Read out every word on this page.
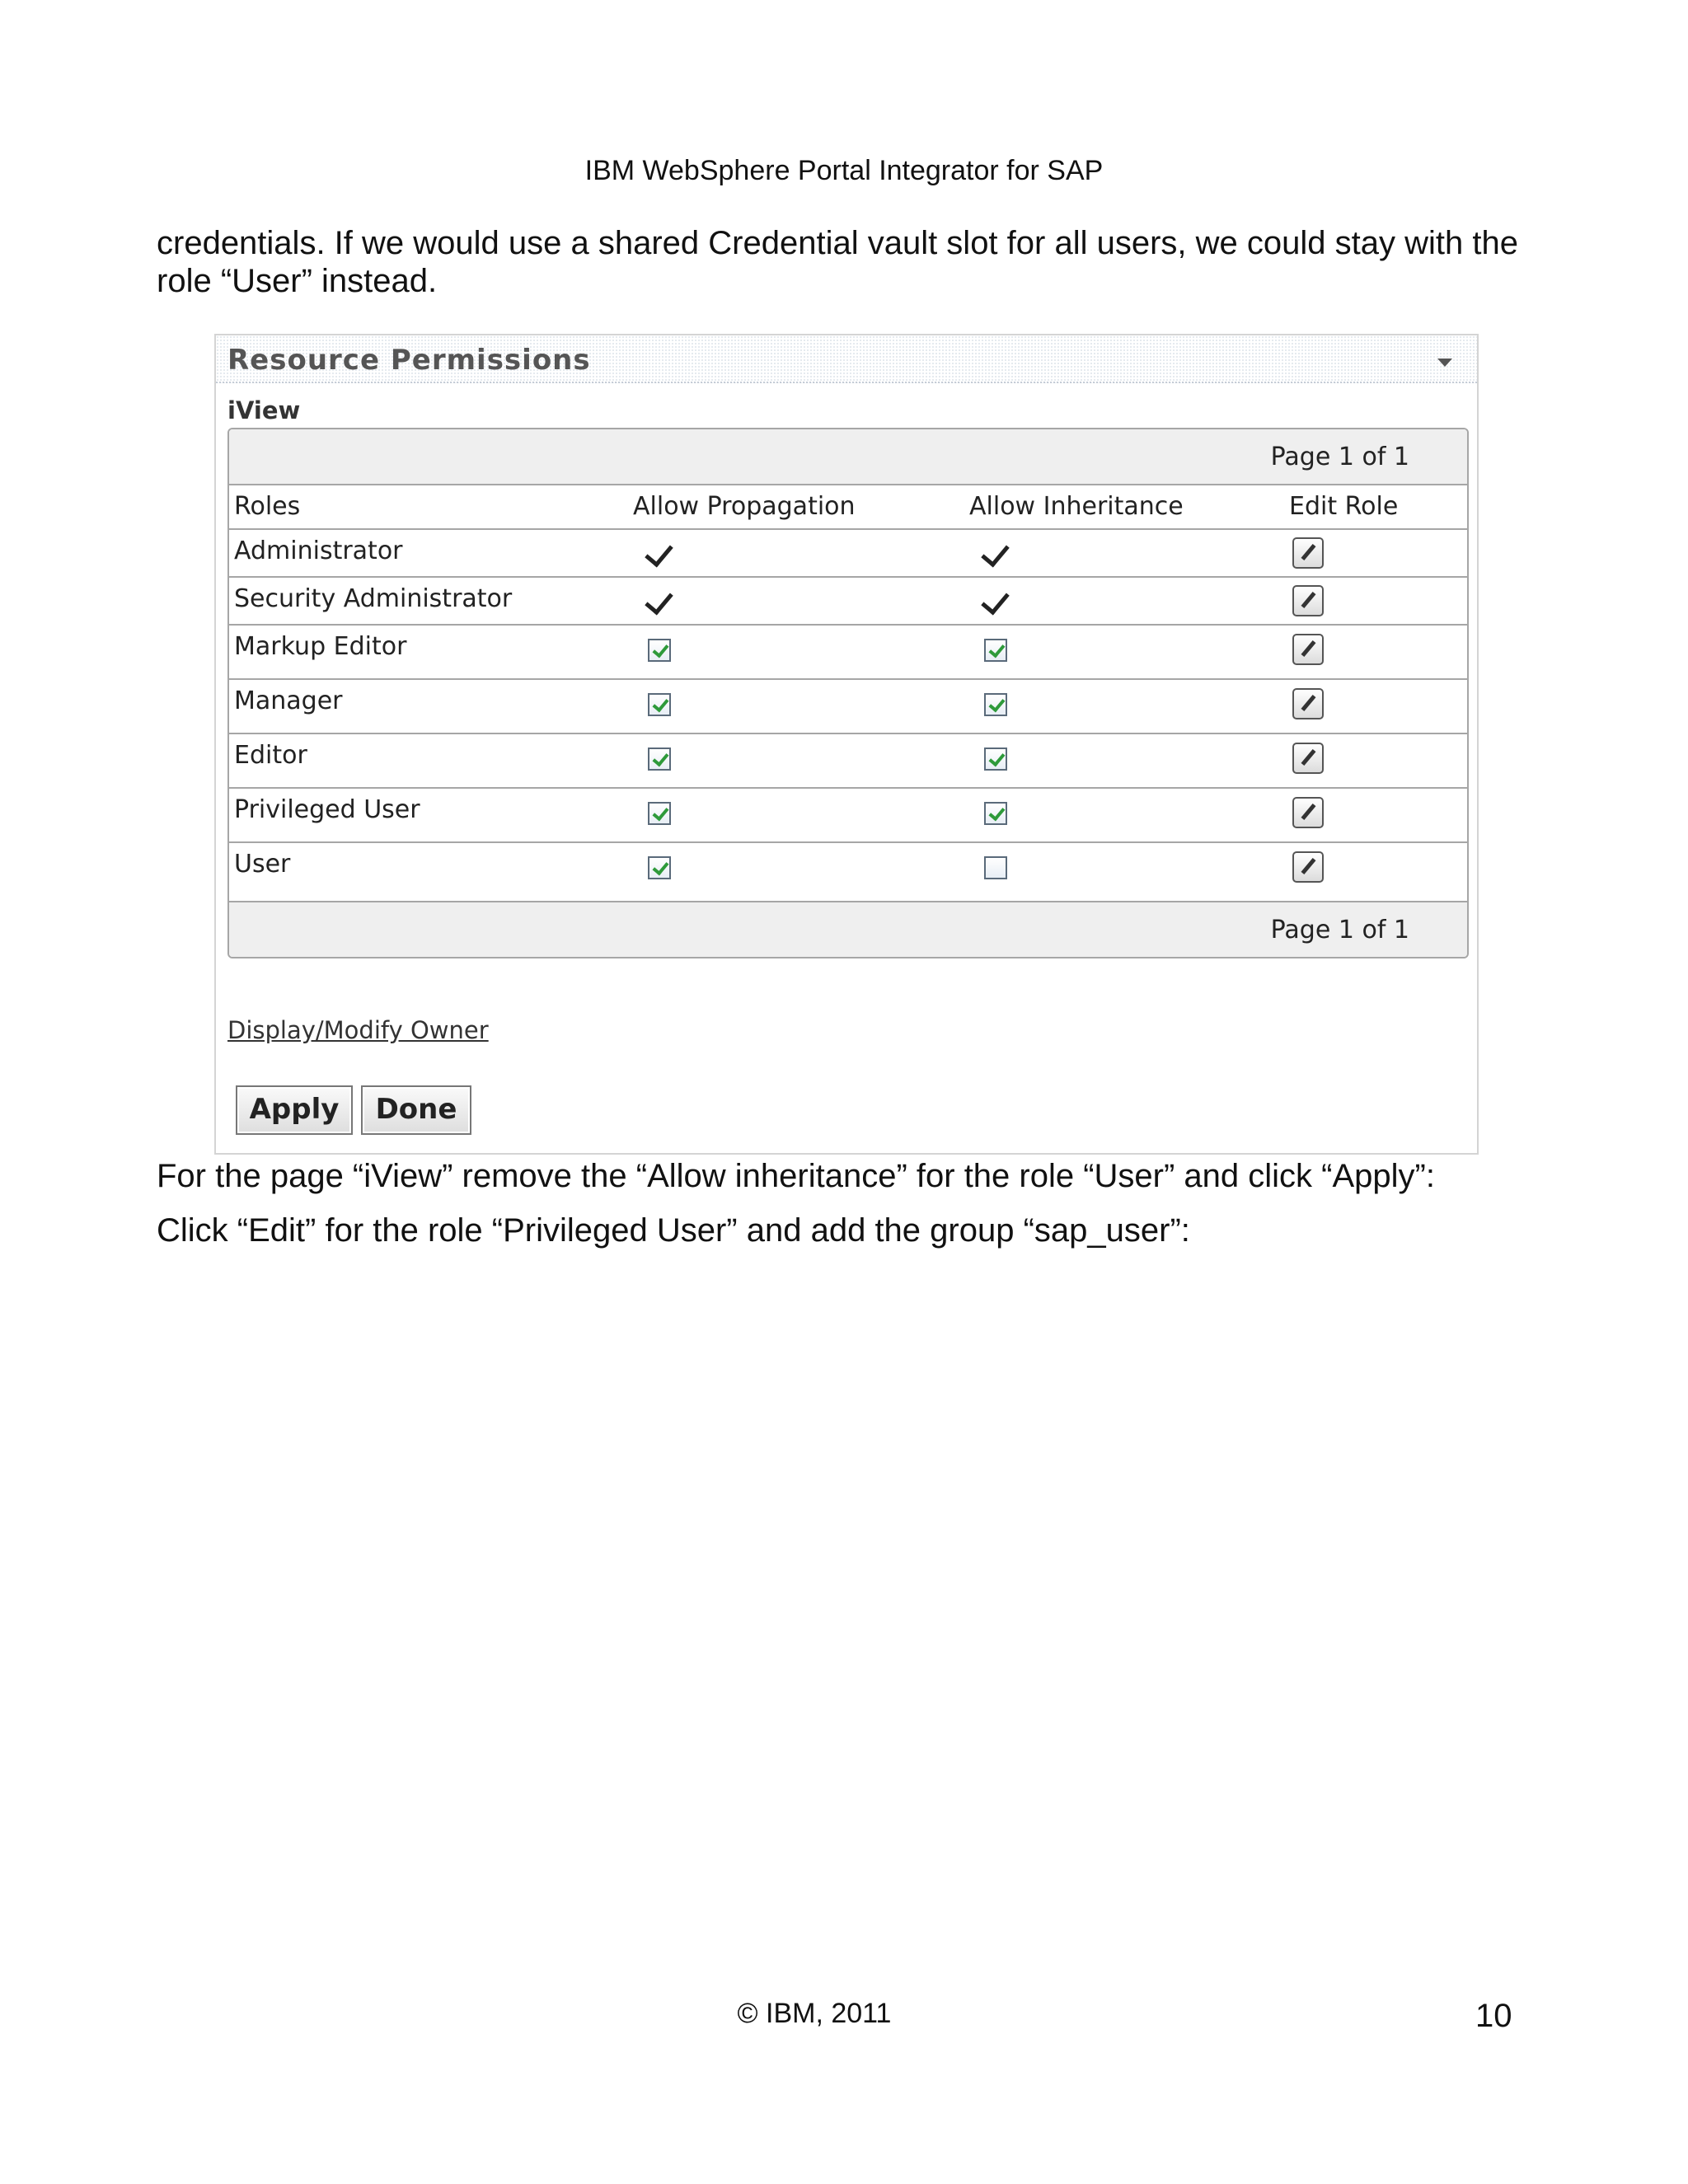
IBM WebSphere Portal Integrator for SAP
credentials. If we would use a shared Credential vault slot for all users, we could stay with the
role “User” instead.
Resource Permissions
iView
Page 1 of 1
Roles	Allow Propagation	Allow Inheritance	Edit Role
Administrator
Security Administrator
Markup Editor
Manager
Editor
Privileged User
User
Page 1 of 1
Display/Modify Owner
Apply	Done
For the page “iView” remove the “Allow inheritance” for the role “User” and click “Apply”:
Click “Edit” for the role “Privileged User” and add the group “sap_user”:
© IBM, 2011	10
